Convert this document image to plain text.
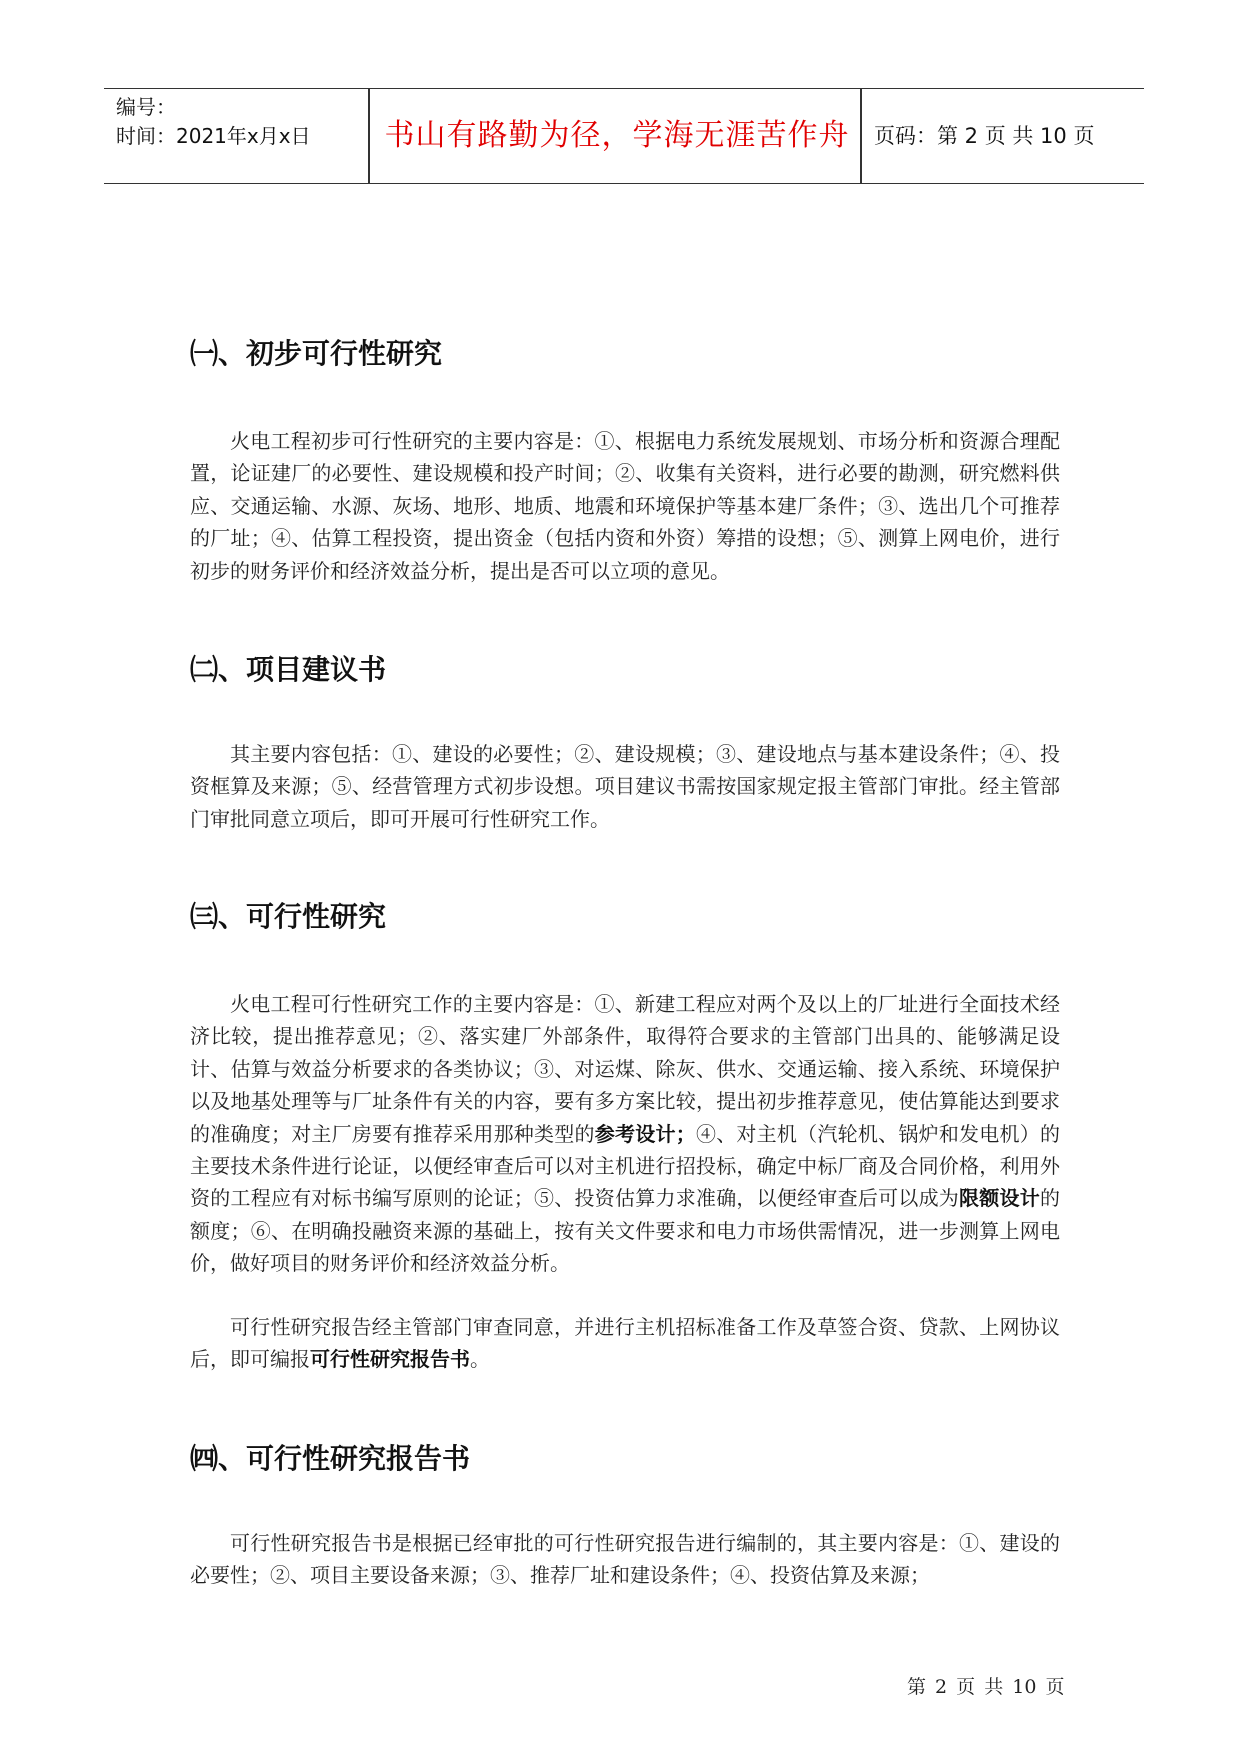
编号：
时间：2021年x月x日	书山有路勤为径，学海无涯苦作舟	页码：第 2 页 共 10 页
㈠、初步可行性研究

火电工程初步可行性研究的主要内容是：①、根据电力系统发展规划、市场分析和资源合理配置，论证建厂的必要性、建设规模和投产时间；②、收集有关资料，进行必要的勘测，研究燃料供应、交通运输、水源、灰场、地形、地质、地震和环境保护等基本建厂条件；③、选出几个可推荐的厂址；④、估算工程投资，提出资金（包括内资和外资）筹措的设想；⑤、测算上网电价，进行初步的财务评价和经济效益分析，提出是否可以立项的意见。

㈡、项目建议书

其主要内容包括：①、建设的必要性；②、建设规模；③、建设地点与基本建设条件；④、投资框算及来源；⑤、经营管理方式初步设想。项目建议书需按国家规定报主管部门审批。经主管部门审批同意立项后，即可开展可行性研究工作。

㈢、可行性研究

火电工程可行性研究工作的主要内容是：①、新建工程应对两个及以上的厂址进行全面技术经济比较，提出推荐意见；②、落实建厂外部条件，取得符合要求的主管部门出具的、能够满足设计、估算与效益分析要求的各类协议；③、对运煤、除灰、供水、交通运输、接入系统、环境保护以及地基处理等与厂址条件有关的内容，要有多方案比较，提出初步推荐意见，使估算能达到要求的准确度；对主厂房要有推荐采用那种类型的参考设计；④、对主机（汽轮机、锅炉和发电机）的主要技术条件进行论证，以便经审查后可以对主机进行招投标，确定中标厂商及合同价格，利用外资的工程应有对标书编写原则的论证；⑤、投资估算力求准确，以便经审查后可以成为限额设计的额度；⑥、在明确投融资来源的基础上，按有关文件要求和电力市场供需情况，进一步测算上网电价，做好项目的财务评价和经济效益分析。

可行性研究报告经主管部门审查同意，并进行主机招标准备工作及草签合资、贷款、上网协议后，即可编报可行性研究报告书。

㈣、可行性研究报告书

可行性研究报告书是根据已经审批的可行性研究报告进行编制的，其主要内容是：①、建设的必要性；②、项目主要设备来源；③、推荐厂址和建设条件；④、投资估算及来源；

第 2 页 共 10 页
